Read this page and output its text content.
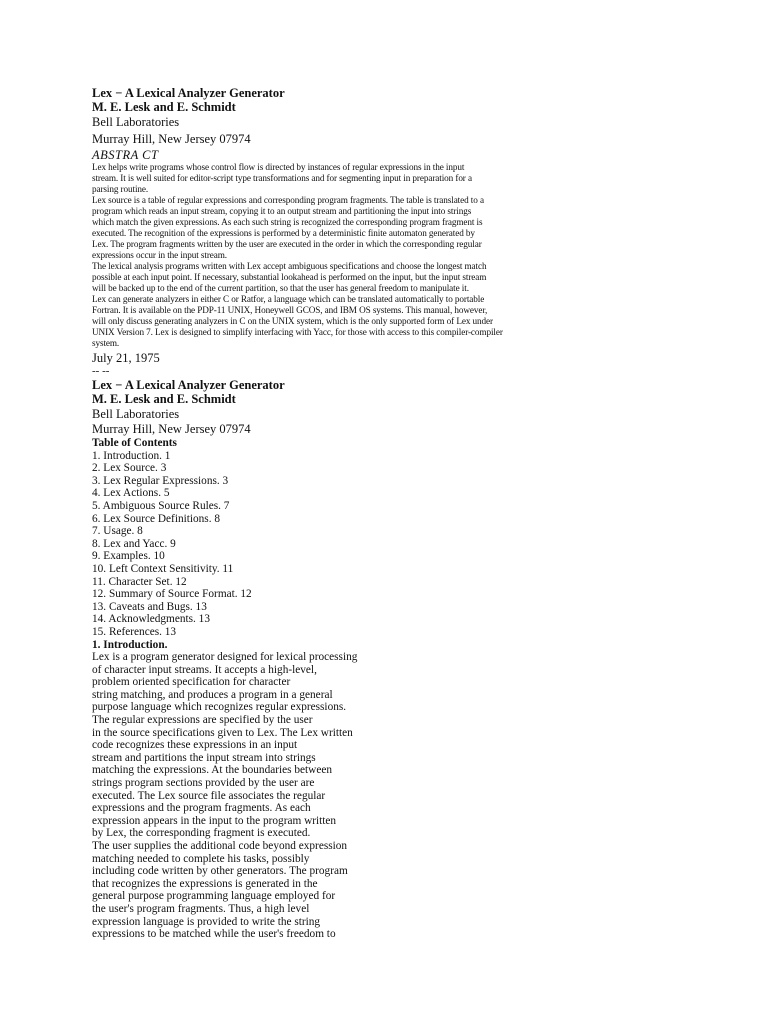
Lex − A Lexical Analyzer Generator
M. E. Lesk and E. Schmidt
Bell Laboratories
Murray Hill, New Jersey 07974
ABSTRA CT
Lex helps write programs whose control flow is directed by instances of regular expressions in the input
stream. It is well suited for editor-script type transformations and for segmenting input in preparation for a
parsing routine.
Lex source is a table of regular expressions and corresponding program fragments. The table is translated to a
program which reads an input stream, copying it to an output stream and partitioning the input into strings
which match the given expressions. As each such string is recognized the corresponding program fragment is
executed. The recognition of the expressions is performed by a deterministic finite automaton generated by
Lex. The program fragments written by the user are executed in the order in which the corresponding regular
expressions occur in the input stream.
The lexical analysis programs written with Lex accept ambiguous specifications and choose the longest match
possible at each input point. If necessary, substantial lookahead is performed on the input, but the input stream
will be backed up to the end of the current partition, so that the user has general freedom to manipulate it.
Lex can generate analyzers in either C or Ratfor, a language which can be translated automatically to portable
Fortran. It is available on the PDP-11 UNIX, Honeywell GCOS, and IBM OS systems. This manual, however,
will only discuss generating analyzers in C on the UNIX system, which is the only supported form of Lex under
UNIX Version 7. Lex is designed to simplify interfacing with Yacc, for those with access to this compiler-compiler
system.
July 21, 1975
-- --
Lex − A Lexical Analyzer Generator
M. E. Lesk and E. Schmidt
Bell Laboratories
Murray Hill, New Jersey 07974
Table of Contents
1. Introduction. 1
2. Lex Source. 3
3. Lex Regular Expressions. 3
4. Lex Actions. 5
5. Ambiguous Source Rules. 7
6. Lex Source Definitions. 8
7. Usage. 8
8. Lex and Yacc. 9
9. Examples. 10
10. Left Context Sensitivity. 11
11. Character Set. 12
12. Summary of Source Format. 12
13. Caveats and Bugs. 13
14. Acknowledgments. 13
15. References. 13
1. Introduction.
Lex is a program generator designed for lexical processing
of character input streams. It accepts a high-level,
problem oriented specification for character
string matching, and produces a program in a general
purpose language which recognizes regular expressions.
The regular expressions are specified by the user
in the source specifications given to Lex. The Lex written
code recognizes these expressions in an input
stream and partitions the input stream into strings
matching the expressions. At the boundaries between
strings program sections provided by the user are
executed. The Lex source file associates the regular
expressions and the program fragments. As each
expression appears in the input to the program written
by Lex, the corresponding fragment is executed.
The user supplies the additional code beyond expression
matching needed to complete his tasks, possibly
including code written by other generators. The program
that recognizes the expressions is generated in the
general purpose programming language employed for
the user's program fragments. Thus, a high level
expression language is provided to write the string
expressions to be matched while the user's freedom to
